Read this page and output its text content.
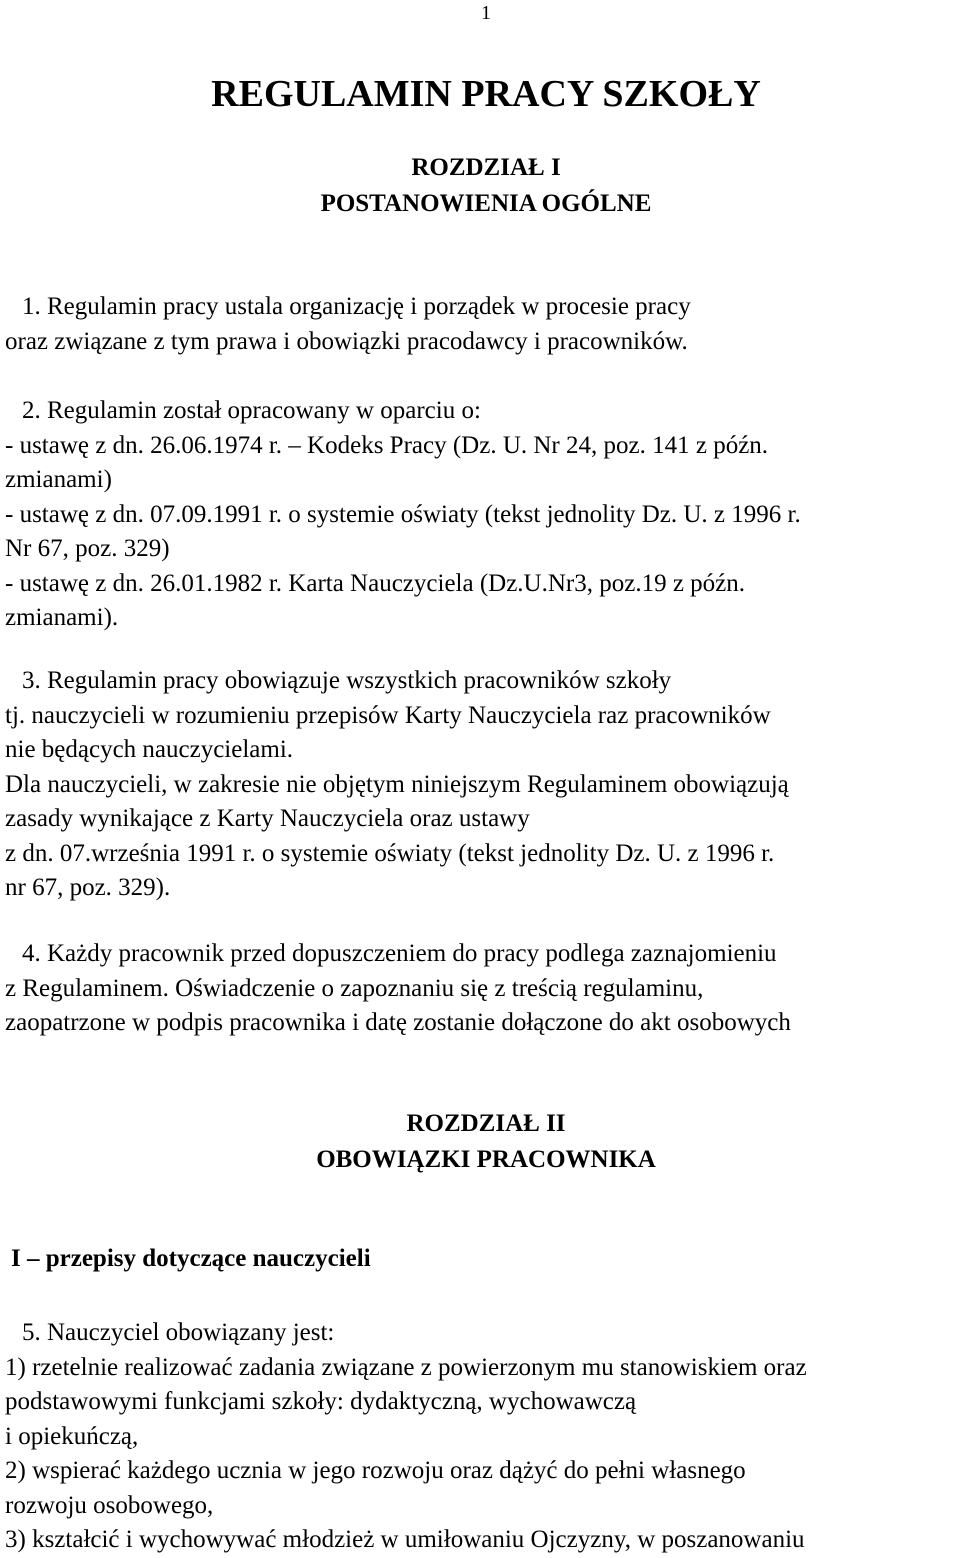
1
REGULAMIN PRACY SZKOŁY
ROZDZIAŁ I
POSTANOWIENIA OGÓLNE
1. Regulamin pracy ustala organizację i porządek w procesie pracy
oraz związane z tym prawa i obowiązki pracodawcy i pracowników.
2. Regulamin został opracowany w oparciu o:
- ustawę z dn. 26.06.1974 r. – Kodeks Pracy (Dz. U. Nr 24, poz. 141 z późn.
zmianami)
- ustawę z dn. 07.09.1991 r. o systemie oświaty (tekst jednolity Dz. U. z 1996 r.
Nr 67, poz. 329)
- ustawę z dn. 26.01.1982 r. Karta Nauczyciela (Dz.U.Nr3, poz.19 z późn.
zmianami).
3. Regulamin pracy obowiązuje wszystkich pracowników szkoły
tj. nauczycieli w rozumieniu przepisów Karty Nauczyciela raz pracowników
nie będących nauczycielami.
Dla nauczycieli, w zakresie nie objętym niniejszym Regulaminem obowiązują
zasady wynikające z Karty Nauczyciela oraz ustawy
z dn. 07.września 1991 r. o systemie oświaty (tekst jednolity Dz. U. z 1996 r.
nr 67, poz. 329).
4. Każdy pracownik przed dopuszczeniem do pracy podlega zaznajomieniu
z Regulaminem. Oświadczenie o zapoznaniu się z treścią regulaminu,
zaopatrzone w podpis pracownika i datę zostanie dołączone do akt osobowych
ROZDZIAŁ II
OBOWIĄZKI PRACOWNIKA
I – przepisy dotyczące nauczycieli
5. Nauczyciel obowiązany jest:
1) rzetelnie realizować zadania związane z powierzonym mu stanowiskiem oraz
podstawowymi funkcjami szkoły: dydaktyczną, wychowawczą
i opiekuńczą,
2) wspierać każdego ucznia w jego rozwoju oraz dążyć do pełni własnego
rozwoju osobowego,
3) kształcić i wychowywać młodzież w umiłowaniu Ojczyzny, w poszanowaniu
